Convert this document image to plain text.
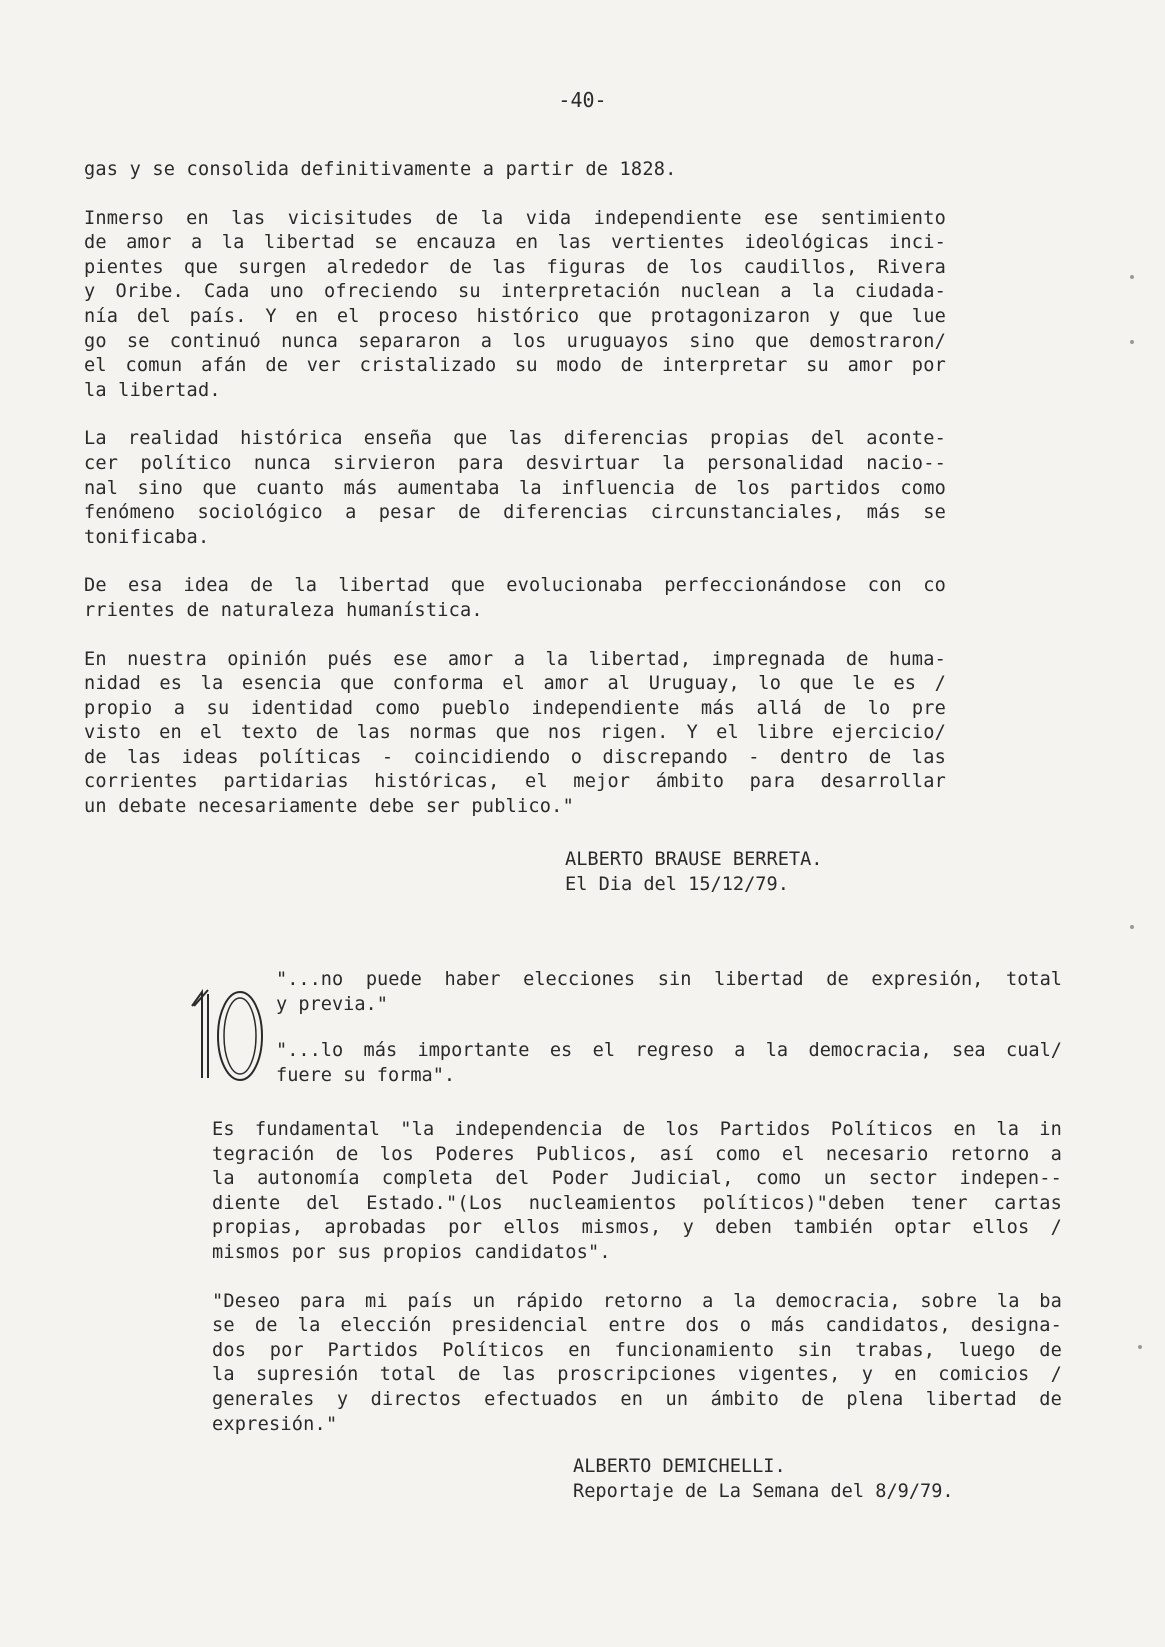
-40-

gas y se consolida definitivamente a partir de 1828.

Inmerso en las vicisitudes de la vida independiente ese sentimiento
de amor a la libertad se encauza en las vertientes ideológicas inci-
pientes que surgen alrededor de las figuras de los caudillos, Rivera
y Oribe. Cada uno ofreciendo su interpretación nuclean a la ciudada-
nía del país. Y en el proceso histórico que protagonizaron y que lue
go se continuó nunca separaron a los uruguayos sino que demostraron/
el comun afán de ver cristalizado su modo de interpretar su amor por
la libertad.

La realidad histórica enseña que las diferencias propias del aconte-
cer político nunca sirvieron para desvirtuar la personalidad nacio--
nal sino que cuanto más aumentaba la influencia de los partidos como
fenómeno sociológico a pesar de diferencias circunstanciales, más se
tonificaba.

De esa idea de la libertad que evolucionaba perfeccionándose con co
rrientes de naturaleza humanística.

En nuestra opinión pués ese amor a la libertad, impregnada de huma-
nidad es la esencia que conforma el amor al Uruguay, lo que le es /
propio a su identidad como pueblo independiente más allá de lo pre
visto en el texto de las normas que nos rigen. Y el libre ejercicio/
de las ideas políticas - coincidiendo o discrepando - dentro de las
corrientes partidarias históricas, el mejor ámbito para desarrollar
un debate necesariamente debe ser publico."

ALBERTO BRAUSE BERRETA.
El Dia del 15/12/79.
10	"...no puede haber elecciones sin libertad de expresión, total
y previa."

"...lo más importante es el regreso a la democracia, sea cual/
fuere su forma".

Es fundamental "la independencia de los Partidos Políticos en la in
tegración de los Poderes Publicos, así como el necesario retorno a
la autonomía completa del Poder Judicial, como un sector indepen--
diente del Estado."(Los nucleamientos políticos)"deben tener cartas
propias, aprobadas por ellos mismos, y deben también optar ellos /
mismos por sus propios candidatos".

"Deseo para mi país un rápido retorno a la democracia, sobre la ba
se de la elección presidencial entre dos o más candidatos, designa-
dos por Partidos Políticos en funcionamiento sin trabas, luego de
la supresión total de las proscripciones vigentes, y en comicios /
generales y directos efectuados en un ámbito de plena libertad de
expresión."

ALBERTO DEMICHELLI.
Reportaje de La Semana del 8/9/79.
